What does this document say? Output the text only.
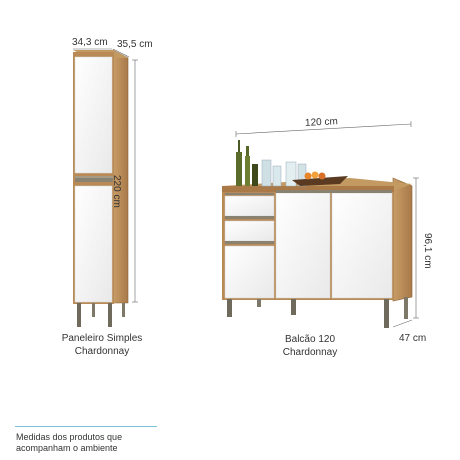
34,3 cm 35,5 cm
220 cm
Paneleiro Simples
Chardonnay
120 cm
96,1 cm
47 cm
Balcão 120
Chardonnay
Medidas dos produtos que
acompanham o ambiente
